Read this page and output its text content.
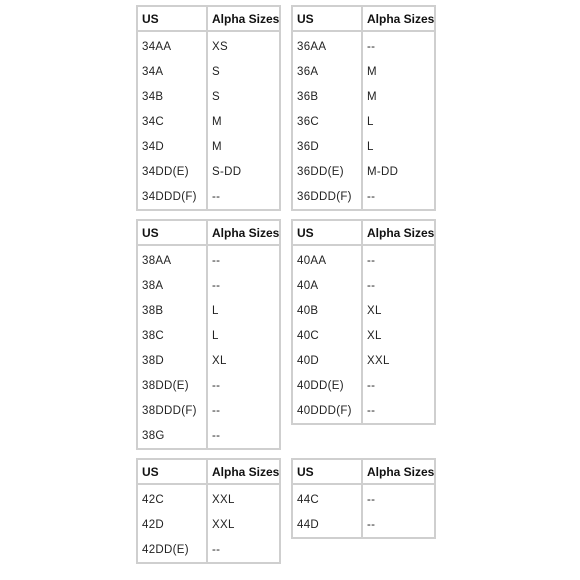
US	Alpha Sizes
34AA	XS
34A	S
34B	S
34C	M
34D	M
34DD(E)	S-DD
34DDD(F)	--
US	Alpha Sizes
36AA	--
36A	M
36B	M
36C	L
36D	L
36DD(E)	M-DD
36DDD(F)	--
US	Alpha Sizes
38AA	--
38A	--
38B	L
38C	L
38D	XL
38DD(E)	--
38DDD(F)	--
38G	--
US	Alpha Sizes
40AA	--
40A	--
40B	XL
40C	XL
40D	XXL
40DD(E)	--
40DDD(F)	--
US	Alpha Sizes
42C	XXL
42D	XXL
42DD(E)	--
US	Alpha Sizes
44C	--
44D	--
